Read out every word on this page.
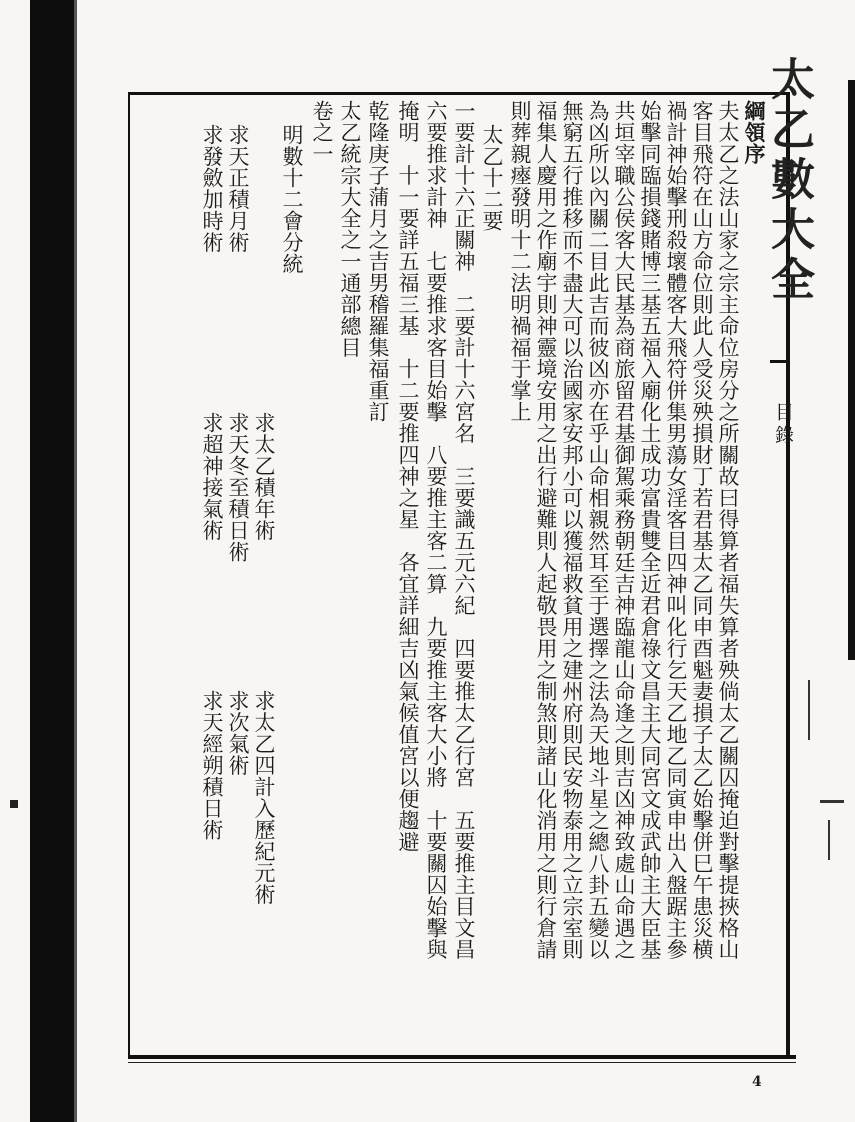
太乙數大全
目錄
綱領序
夫太乙之法山家之宗主命位房分之所關故曰得算者福失算者殃倘太乙關囚掩迫對擊提挾格山
客目飛符在山方命位則此人受災殃損財丁若君基太乙同申酉魁妻損子太乙始擊併巳午患災横
禍計神始擊刑殺壞體客大飛符併集男蕩女淫客目四神叫化行乞天乙地乙同寅申出入盤踞主參
始擊同臨損錢賭博三基五福入廟化土成功富貴雙全近君倉祿文昌主大同宮文成武帥主大臣基
共垣宰職公侯客大民基為商旅留君基御駕乘務朝廷吉神臨龍山命逢之則吉凶神致處山命遇之
為凶所以內關二目此吉而彼凶亦在乎山命相親然耳至于選擇之法為天地斗星之總八卦五變以
無窮五行推移而不盡大可以治國家安邦小可以獲福救貧用之建州府則民安物泰用之立宗室則
福集人慶用之作廟宇則神靈境安用之出行避難則人起敬畏用之制煞則諸山化消用之則行倉請
則葬親瘞發明十二法明禍福于掌上
太乙十二要
一要計十六正關神　二要計十六宮名　三要識五元六紀　四要推太乙行宮　五要推主目文昌
六要推求計神　七要推求客目始擊　八要推主客二算　九要推主客大小將　十要關囚始擊與
掩明　十一要詳五福三基　十二要推四神之星　各宜詳細吉凶氣候值宮以便趨避
乾隆庚子蒲月之吉男稽羅集福重訂
太乙統宗大全之一通部總目
卷之一
明數十二會分統
求太乙積年術
求太乙四計入歷紀元術
求天正積月術
求天冬至積日術
求次氣術
求發斂加時術
求超神接氣術
求天經朔積日術
4
